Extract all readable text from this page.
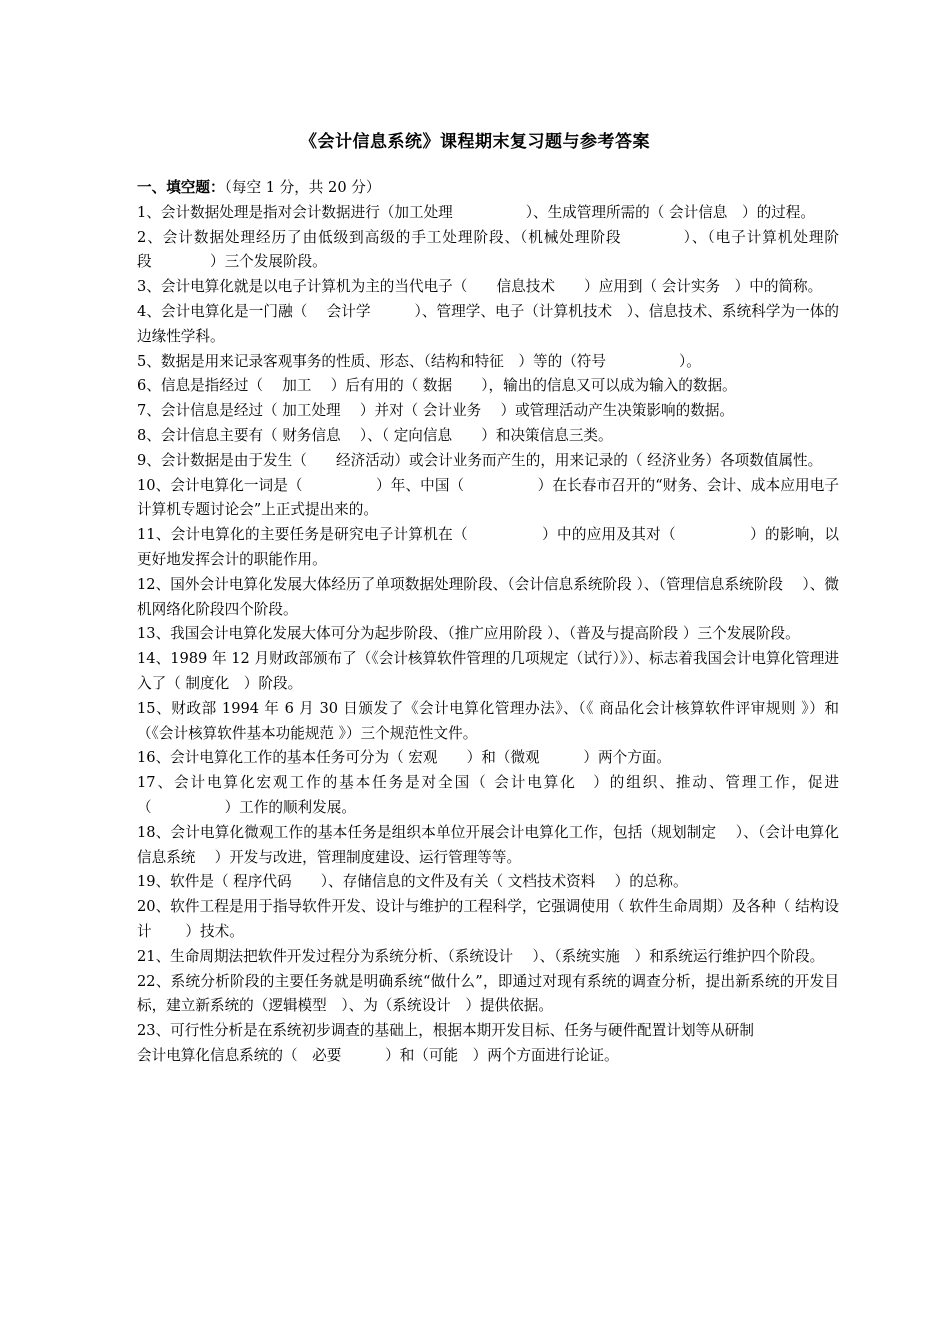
《会计信息系统》课程期末复习题与参考答案

一、填空题：（每空 1 分，共 20 分）

1、会计数据处理是指对会计数据进行（加工处理　　　　　）、生成管理所需的（ 会计信息　）的过程。

2、会计数据处理经历了由低级到高级的手工处理阶段、（机械处理阶段　　　　）、（电子计算机处理阶段　　　　）三个发展阶段。

3、会计电算化就是以电子计算机为主的当代电子（　　信息技术　　）应用到（ 会计实务　）中的简称。

4、会计电算化是一门融（　 会计学　　　）、管理学、电子（计算机技术　）、信息技术、系统科学为一体的边缘性学科。

5、数据是用来记录客观事务的性质、形态、（结构和特征　）等的（符号　　　　　）。

6、信息是指经过（　 加工　 ）后有用的（ 数据　　），输出的信息又可以成为输入的数据。

7、会计信息是经过（ 加工处理　 ）并对（ 会计业务　 ）或管理活动产生决策影响的数据。

8、会计信息主要有（ 财务信息　 ）、（ 定向信息　　）和决策信息三类。

9、会计数据是由于发生（　　经济活动）或会计业务而产生的，用来记录的（ 经济业务）各项数值属性。

10、会计电算化一词是（　　　　　）年、中国（　　　　　）在长春市召开的“财务、会计、成本应用电子计算机专题讨论会”上正式提出来的。

11、会计电算化的主要任务是研究电子计算机在（　　　　　）中的应用及其对（　　　　　）的影响，以更好地发挥会计的职能作用。

12、国外会计电算化发展大体经历了单项数据处理阶段、（会计信息系统阶段 ）、（管理信息系统阶段　 ）、微机网络化阶段四个阶段。

13、我国会计电算化发展大体可分为起步阶段、（推广应用阶段 ）、（普及与提高阶段 ）三个发展阶段。

14、1989 年 12 月财政部颁布了（《会计核算软件管理的几项规定（试行）》）、标志着我国会计电算化管理进入了（ 制度化　）阶段。

15、财政部 1994 年 6 月 30 日颁发了《会计电算化管理办法》、（《 商品化会计核算软件评审规则 》）和（《会计核算软件基本功能规范 》）三个规范性文件。

16、会计电算化工作的基本任务可分为（ 宏观　　）和（微观　　　）两个方面。

17、会计电算化宏观工作的基本任务是对全国（ 会计电算化　）的组织、推动、管理工作，促进（　　　　　）工作的顺利发展。

18、会计电算化微观工作的基本任务是组织本单位开展会计电算化工作，包括（规划制定　 ）、（会计电算化信息系统　 ）开发与改进，管理制度建设、运行管理等等。

19、软件是（ 程序代码　　）、存储信息的文件及有关（ 文档技术资料　 ）的总称。

20、软件工程是用于指导软件开发、设计与维护的工程科学，它强调使用（ 软件生命周期）及各种（ 结构设计　　 ）技术。

21、生命周期法把软件开发过程分为系统分析、（系统设计　 ）、（系统实施　）和系统运行维护四个阶段。

22、系统分析阶段的主要任务就是明确系统“做什么”，即通过对现有系统的调查分析，提出新系统的开发目标，建立新系统的（逻辑模型　）、为（系统设计　）提供依据。

23、可行性分析是在系统初步调查的基础上，根据本期开发目标、任务与硬件配置计划等从研制

会计电算化信息系统的（　必要　　　）和（可能　）两个方面进行论证。
